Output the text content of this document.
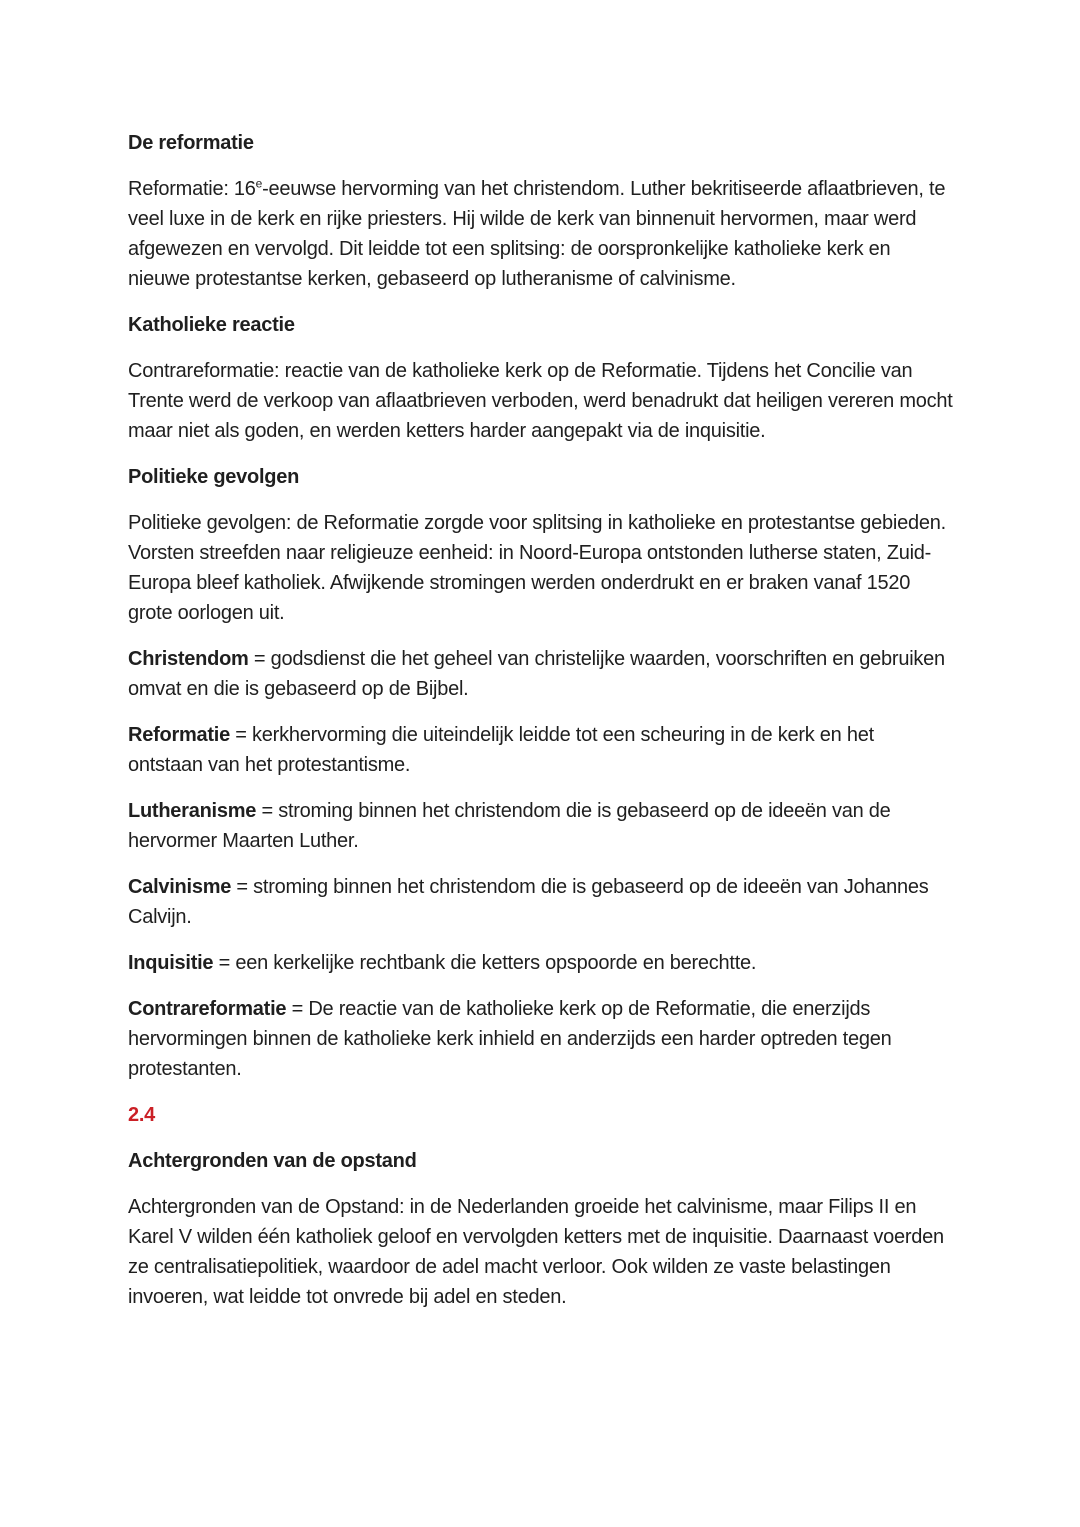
De reformatie

Reformatie: 16e-eeuwse hervorming van het christendom. Luther bekritiseerde aflaatbrieven, te veel luxe in de kerk en rijke priesters. Hij wilde de kerk van binnenuit hervormen, maar werd afgewezen en vervolgd. Dit leidde tot een splitsing: de oorspronkelijke katholieke kerk en nieuwe protestantse kerken, gebaseerd op lutheranisme of calvinisme.

Katholieke reactie

Contrareformatie: reactie van de katholieke kerk op de Reformatie. Tijdens het Concilie van Trente werd de verkoop van aflaatbrieven verboden, werd benadrukt dat heiligen vereren mocht maar niet als goden, en werden ketters harder aangepakt via de inquisitie.

Politieke gevolgen

Politieke gevolgen: de Reformatie zorgde voor splitsing in katholieke en protestantse gebieden. Vorsten streefden naar religieuze eenheid: in Noord-Europa ontstonden lutherse staten, Zuid-Europa bleef katholiek. Afwijkende stromingen werden onderdrukt en er braken vanaf 1520 grote oorlogen uit.

Christendom = godsdienst die het geheel van christelijke waarden, voorschriften en gebruiken omvat en die is gebaseerd op de Bijbel.

Reformatie = kerkhervorming die uiteindelijk leidde tot een scheuring in de kerk en het ontstaan van het protestantisme.

Lutheranisme = stroming binnen het christendom die is gebaseerd op de ideeën van de hervormer Maarten Luther.

Calvinisme = stroming binnen het christendom die is gebaseerd op de ideeën van Johannes Calvijn.

Inquisitie = een kerkelijke rechtbank die ketters opspoorde en berechtte.

Contrareformatie = De reactie van de katholieke kerk op de Reformatie, die enerzijds hervormingen binnen de katholieke kerk inhield en anderzijds een harder optreden tegen protestanten.

2.4

Achtergronden van de opstand

Achtergronden van de Opstand: in de Nederlanden groeide het calvinisme, maar Filips II en Karel V wilden één katholiek geloof en vervolgden ketters met de inquisitie. Daarnaast voerden ze centralisatiepolitiek, waardoor de adel macht verloor. Ook wilden ze vaste belastingen invoeren, wat leidde tot onvrede bij adel en steden.
